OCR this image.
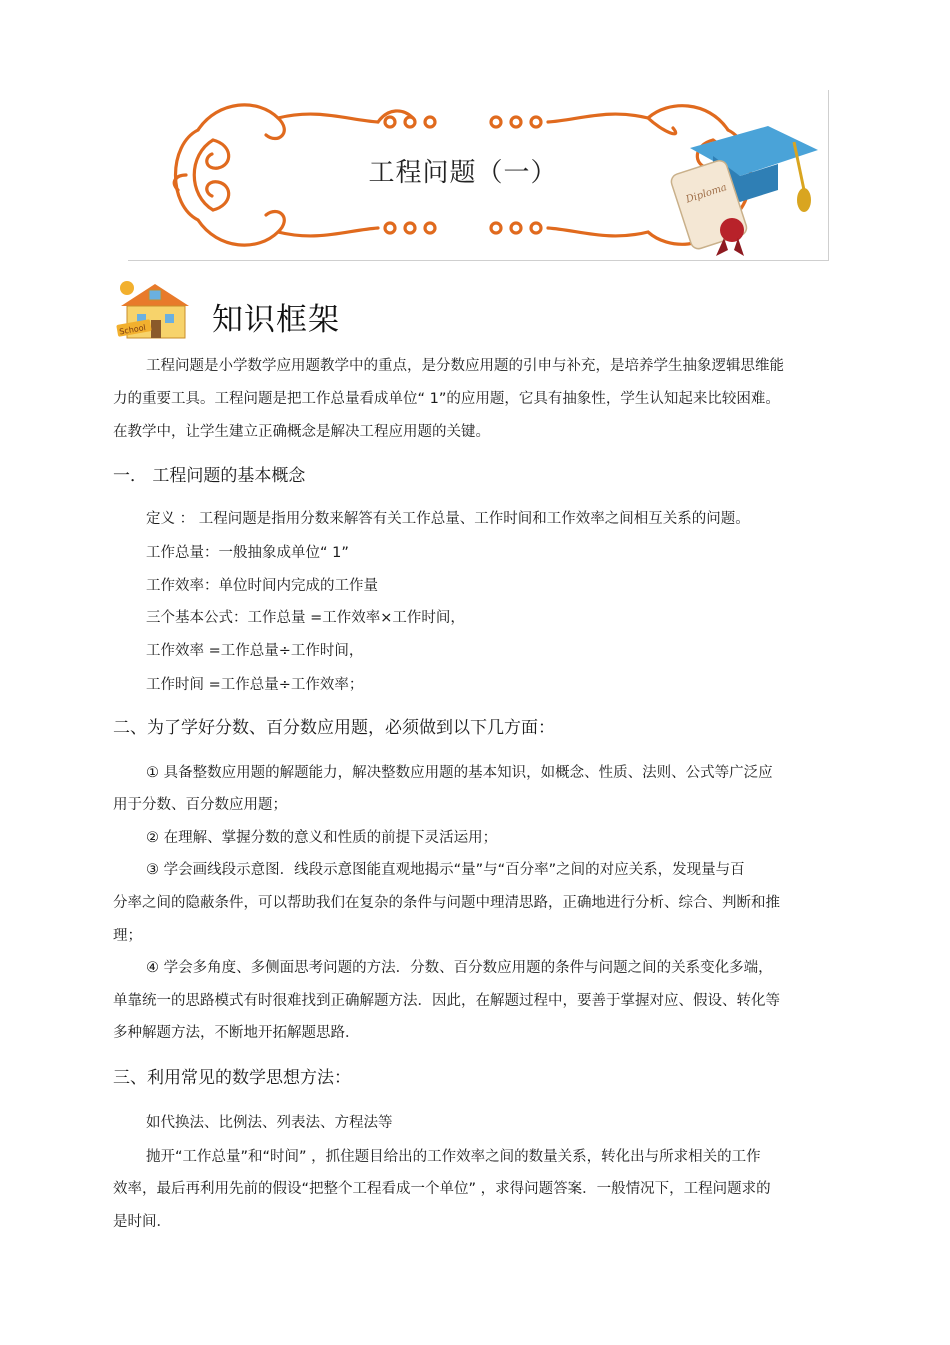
Diploma
工程问题（一）
School 知识框架
工程问题是小学数学应用题教学中的重点，是分数应用题的引申与补充，是培养学生抽象逻辑思维能
力的重要工具。工程问题是把工作总量看成单位“ 1”的应用题，它具有抽象性，学生认知起来比较困难。
在教学中，让学生建立正确概念是解决工程应用题的关键。
一． 工程问题的基本概念
定义 ： 工程问题是指用分数来解答有关工作总量、工作时间和工作效率之间相互关系的问题。
工作总量：一般抽象成单位“ 1”
工作效率：单位时间内完成的工作量
三个基本公式：工作总量 =工作效率×工作时间，
工作效率 =工作总量÷工作时间，
工作时间 =工作总量÷工作效率；
二、为了学好分数、百分数应用题，必须做到以下几方面：
① 具备整数应用题的解题能力，解决整数应用题的基本知识，如概念、性质、法则、公式等广泛应
用于分数、百分数应用题；
② 在理解、掌握分数的意义和性质的前提下灵活运用；
③ 学会画线段示意图．线段示意图能直观地揭示“量”与“百分率”之间的对应关系，发现量与百
分率之间的隐蔽条件，可以帮助我们在复杂的条件与问题中理清思路，正确地进行分析、综合、判断和推
理；
④ 学会多角度、多侧面思考问题的方法．分数、百分数应用题的条件与问题之间的关系变化多端，
单靠统一的思路模式有时很难找到正确解题方法．因此，在解题过程中，要善于掌握对应、假设、转化等
多种解题方法，不断地开拓解题思路．
三、利用常见的数学思想方法：
如代换法、比例法、列表法、方程法等
抛开“工作总量”和“时间” ，抓住题目给出的工作效率之间的数量关系，转化出与所求相关的工作
效率，最后再利用先前的假设“把整个工程看成一个单位” ，求得问题答案．一般情况下，工程问题求的
是时间．
